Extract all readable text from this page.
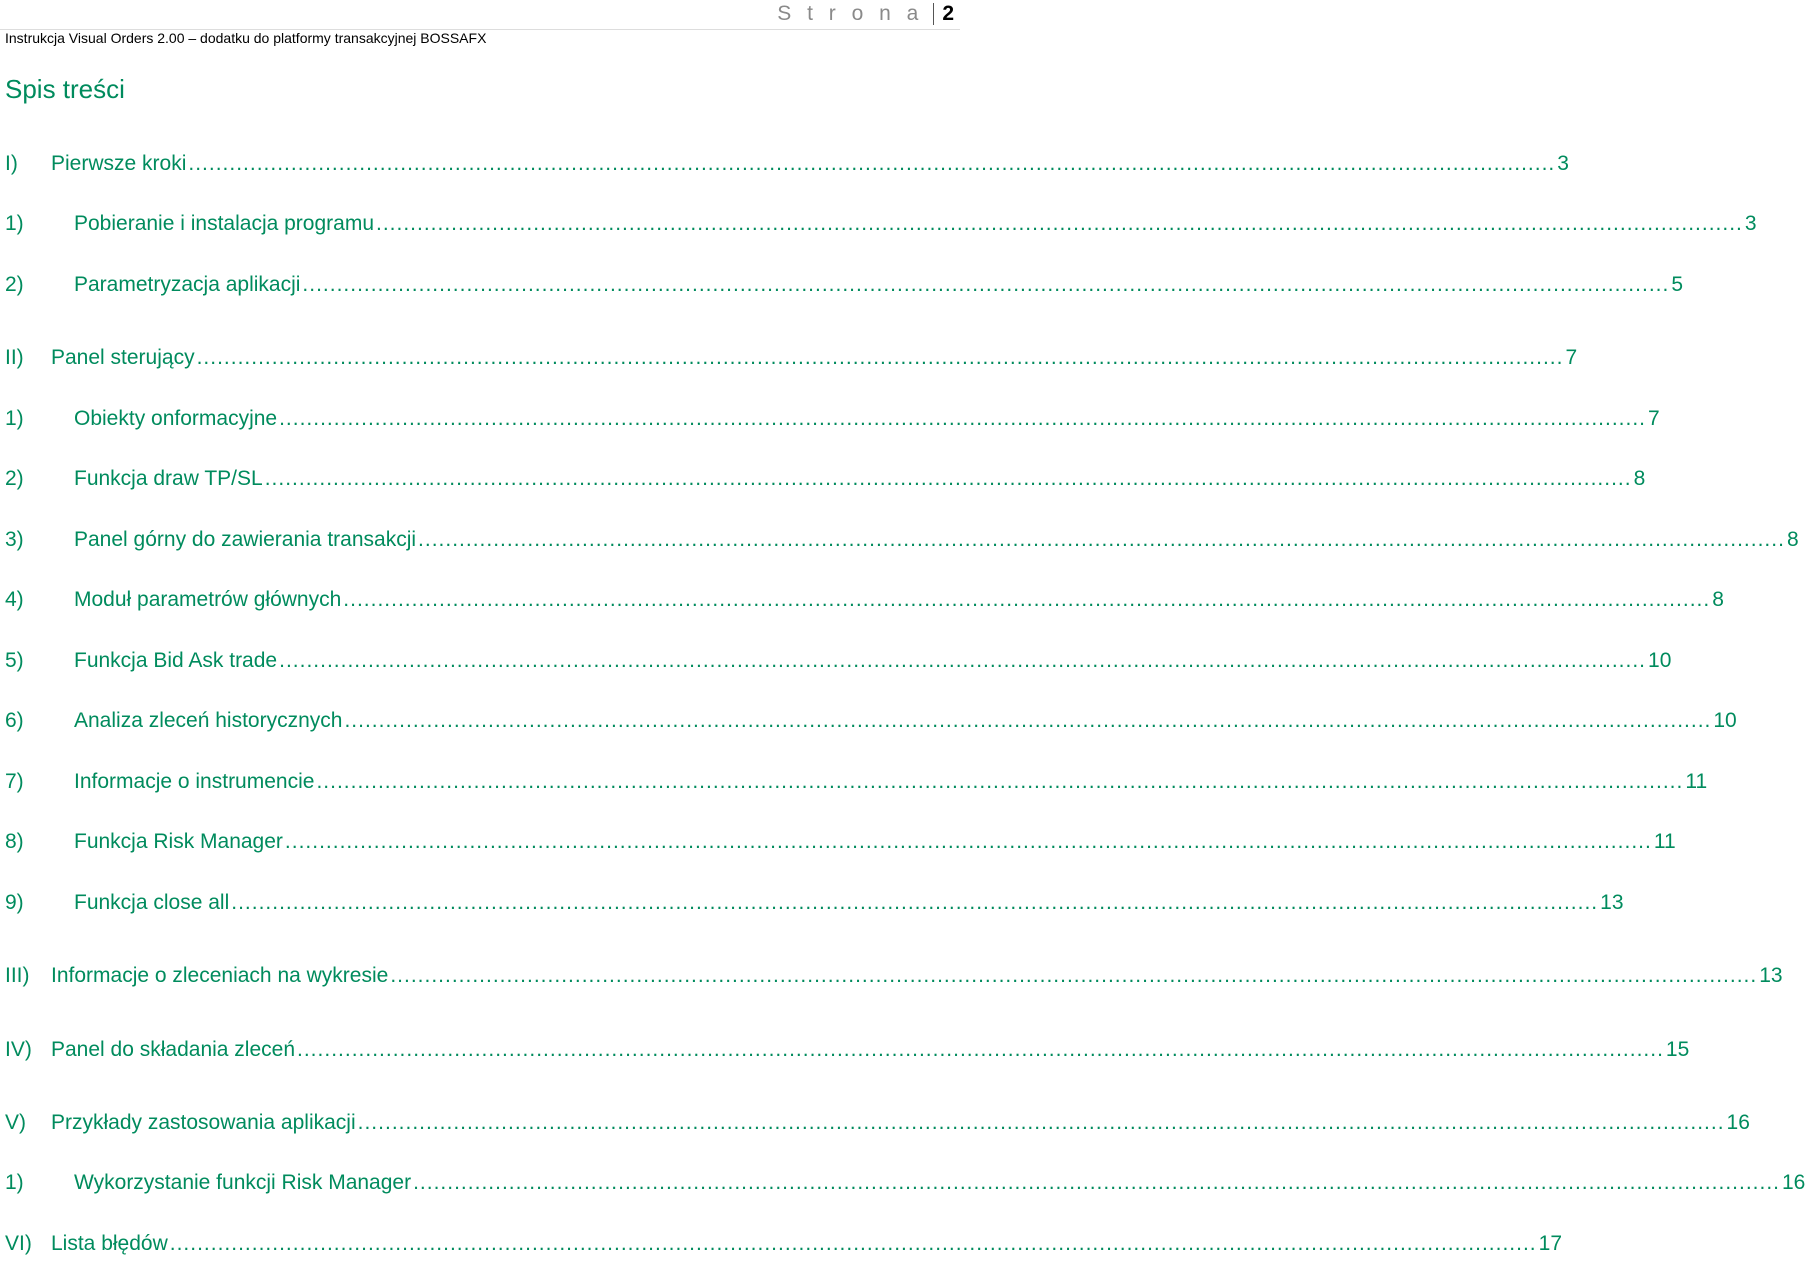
S t r o n a 2
Instrukcja Visual Orders 2.00 – dodatku do platformy transakcyjnej BOSSAFX
Spis treści
I)	Pierwsze kroki ........................................................................................................................................................................................................ 3
1)	Pobieranie i instalacja programu ........................................................................................................................................................................................................ 3
2)	Parametryzacja aplikacji ........................................................................................................................................................................................................ 5
II)	Panel sterujący ........................................................................................................................................................................................................ 7
1)	Obiekty onformacyjne ........................................................................................................................................................................................................ 7
2)	Funkcja draw TP/SL ........................................................................................................................................................................................................ 8
3)	Panel górny do zawierania transakcji ........................................................................................................................................................................................................ 8
4)	Moduł parametrów głównych ........................................................................................................................................................................................................ 8
5)	Funkcja Bid Ask trade ........................................................................................................................................................................................................ 10
6)	Analiza zleceń historycznych ........................................................................................................................................................................................................ 10
7)	Informacje o instrumencie ........................................................................................................................................................................................................ 11
8)	Funkcja Risk Manager ........................................................................................................................................................................................................ 11
9)	Funkcja close all ........................................................................................................................................................................................................ 13
III)	Informacje o zleceniach na wykresie ........................................................................................................................................................................................................ 13
IV) Panel do składania zleceń ........................................................................................................................................................................................................ 15
V)	Przykłady zastosowania aplikacji ........................................................................................................................................................................................................ 16
1)	Wykorzystanie funkcji Risk Manager ........................................................................................................................................................................................................ 16
VI) Lista błędów ........................................................................................................................................................................................................ 17
